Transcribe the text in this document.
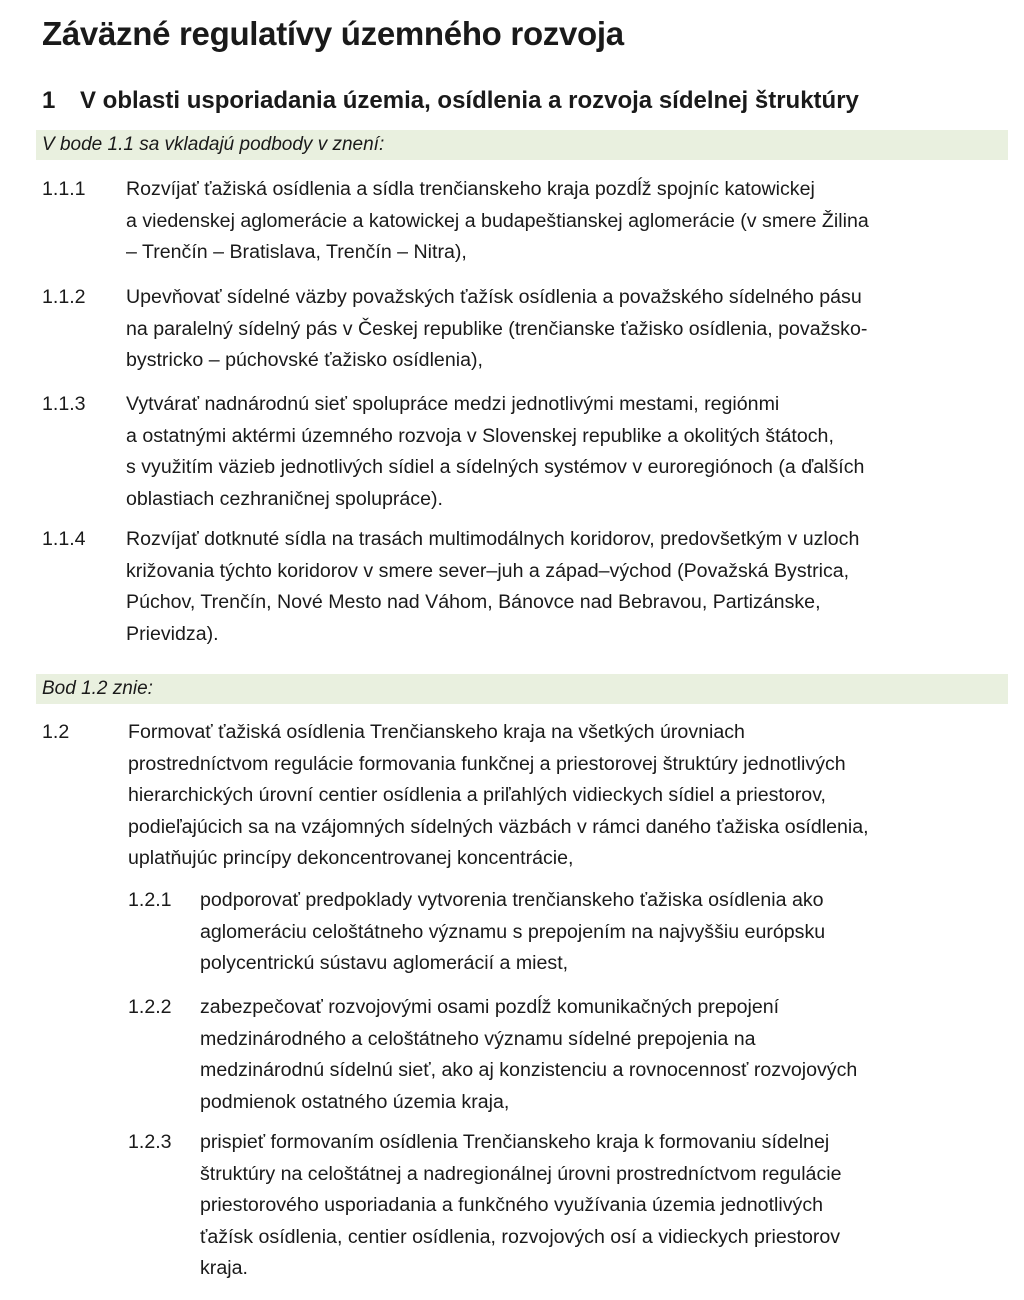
Záväzné regulatívy územného rozvoja
1 V oblasti usporiadania územia, osídlenia a rozvoja sídelnej štruktúry
V bode 1.1 sa vkladajú podbody v znení:
1.1.1 Rozvíjať ťažiská osídlenia a sídla trenčianskeho kraja pozdĺž spojníc katowickej
a viedenskej aglomerácie a katowickej a budapeštianskej aglomerácie (v smere Žilina
– Trenčín – Bratislava, Trenčín – Nitra),
1.1.2 Upevňovať sídelné väzby považských ťažísk osídlenia a považského sídelného pásu
na paralelný sídelný pás v Českej republike (trenčianske ťažisko osídlenia, považsko-
bystricko – púchovské ťažisko osídlenia),
1.1.3 Vytvárať nadnárodnú sieť spolupráce medzi jednotlivými mestami, regiónmi
a ostatnými aktérmi územného rozvoja v Slovenskej republike a okolitých štátoch,
s využitím väzieb jednotlivých sídiel a sídelných systémov v euroregiónoch (a ďalších
oblastiach cezhraničnej spolupráce).
1.1.4 Rozvíjať dotknuté sídla na trasách multimodálnych koridorov, predovšetkým v uzloch
križovania týchto koridorov v smere sever–juh a západ–východ (Považská Bystrica,
Púchov, Trenčín, Nové Mesto nad Váhom, Bánovce nad Bebravou, Partizánske,
Prievidza).
Bod 1.2 znie:
1.2	Formovať ťažiská osídlenia Trenčianskeho kraja na všetkých úrovniach
prostredníctvom regulácie formovania funkčnej a priestorovej štruktúry jednotlivých
hierarchických úrovní centier osídlenia a priľahlých vidieckych sídiel a priestorov,
podieľajúcich sa na vzájomných sídelných väzbách v rámci daného ťažiska osídlenia,
uplatňujúc princípy dekoncentrovanej koncentrácie,
1.2.1 podporovať predpoklady vytvorenia trenčianskeho ťažiska osídlenia ako
aglomeráciu celoštátneho významu s prepojením na najvyššiu európsku
polycentrickú sústavu aglomerácií a miest,
1.2.2 zabezpečovať rozvojovými osami pozdĺž komunikačných prepojení
medzinárodného a celoštátneho významu sídelné prepojenia na
medzinárodnú sídelnú sieť, ako aj konzistenciu a rovnocennosť rozvojových
podmienok ostatného územia kraja,
1.2.3 prispieť formovaním osídlenia Trenčianskeho kraja k formovaniu sídelnej
štruktúry na celoštátnej a nadregionálnej úrovni prostredníctvom regulácie
priestorového usporiadania a funkčného využívania územia jednotlivých
ťažísk osídlenia, centier osídlenia, rozvojových osí a vidieckych priestorov
kraja.
